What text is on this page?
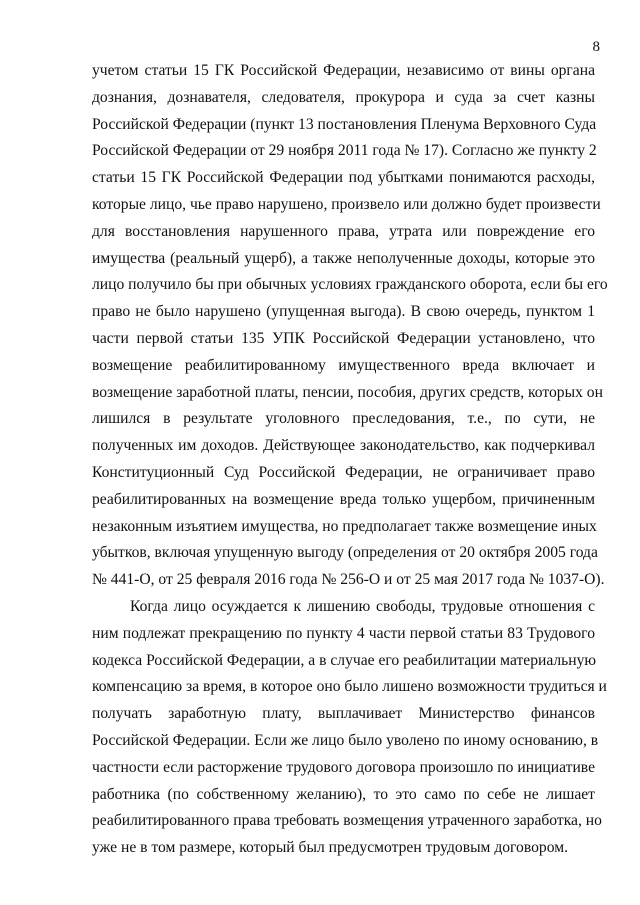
8
учетом статьи 15 ГК Российской Федерации, независимо от вины органа
дознания, дознавателя, следователя, прокурора и суда за счет казны
Российской Федерации (пункт 13 постановления Пленума Верховного Суда
Российской Федерации от 29 ноября 2011 года № 17). Согласно же пункту 2
статьи 15 ГК Российской Федерации под убытками понимаются расходы,
которые лицо, чье право нарушено, произвело или должно будет произвести
для восстановления нарушенного права, утрата или повреждение его
имущества (реальный ущерб), а также неполученные доходы, которые это
лицо получило бы при обычных условиях гражданского оборота, если бы его
право не было нарушено (упущенная выгода). В свою очередь, пунктом 1
части первой статьи 135 УПК Российской Федерации установлено, что
возмещение реабилитированному имущественного вреда включает и
возмещение заработной платы, пенсии, пособия, других средств, которых он
лишился в результате уголовного преследования, т.е., по сути, не
полученных им доходов. Действующее законодательство, как подчеркивал
Конституционный Суд Российской Федерации, не ограничивает право
реабилитированных на возмещение вреда только ущербом, причиненным
незаконным изъятием имущества, но предполагает также возмещение иных
убытков, включая упущенную выгоду (определения от 20 октября 2005 года
№ 441-О, от 25 февраля 2016 года № 256-О и от 25 мая 2017 года № 1037-О).
Когда лицо осуждается к лишению свободы, трудовые отношения с
ним подлежат прекращению по пункту 4 части первой статьи 83 Трудового
кодекса Российской Федерации, а в случае его реабилитации материальную
компенсацию за время, в которое оно было лишено возможности трудиться и
получать заработную плату, выплачивает Министерство финансов
Российской Федерации. Если же лицо было уволено по иному основанию, в
частности если расторжение трудового договора произошло по инициативе
работника (по собственному желанию), то это само по себе не лишает
реабилитированного права требовать возмещения утраченного заработка, но
уже не в том размере, который был предусмотрен трудовым договором.
